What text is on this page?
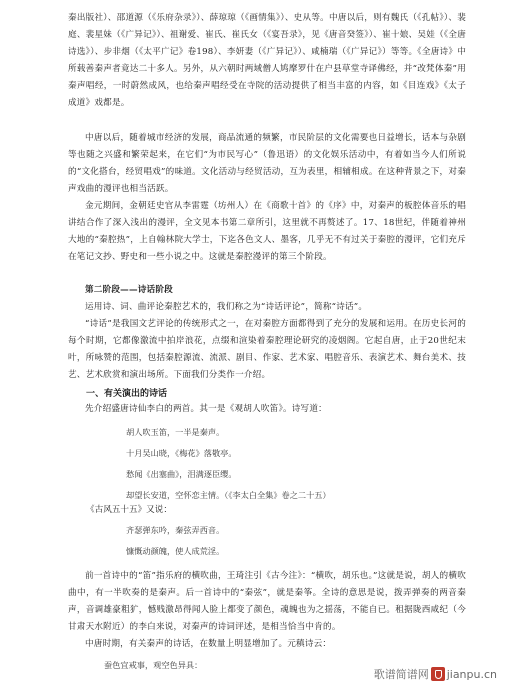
秦出版社）、邵道源（《乐府杂录》）、薛琼琼（《画情集》）、史从等。中唐以后，则有魏氏（《孔帖》）、裴庭、裴星妹（《广异记》）、祖谢爱、崔氏、崔氏女（《宴吾录》，见《唐音癸签》）、崔十娘、吴娃（《全唐诗选》）、步非烟（《太平广记》卷198）、李妍妻（《广异记》）、咸楠瑞（《广异记》）等等。《全唐诗》中所载善秦声者竟达二十多人。另外，从六朝时两域僧人鸠摩罗什在户县草堂寺译佛经，并“改梵体秦”用秦声唱经，一时蔚然成风，也给秦声唱经受在寺院的活动提供了相当丰富的内容，如《目连戏》《太子成道》戏都是。
中唐以后，随着城市经济的发展，商品流通的频繁，市民阶层的文化需要也日益增长，话本与杂剧等也随之兴盛和繁荣起来，在它们“为市民写心”（鲁迅语）的文化娱乐活动中，有着如当今人们所说的“文化搭台，经贸唱戏”的味道。文化活动与经贸活动，互为表里，相辅相成。在这种背景之下，对秦声戏曲的漫评也相当活跃。
金元期间，金朝廷史官从李雷霆（坊州人）在《商歌十首》的《序》中，对秦声的板腔体音乐的唱讲结合作了深入浅出的漫评，全文见本书第二章所引，这里就不再赘述了。17、18世纪，伴随着神州大地的“秦腔热”，上自翰林院大学士，下迄各色文人、墨客，几乎无不有过关于秦腔的漫评，它们充斥在笔记文抄、野史和一些小说之中。这就是秦腔漫评的第三个阶段。
第二阶段——诗话阶段
运用诗、词、曲评论秦腔艺术的，我们称之为“诗话评论”，简称“诗话”。
“诗话”是我国文艺评论的传统形式之一，在对秦腔方面都得到了充分的发展和运用。在历史长河的每个时期，它都像激流中拍岸浪花，点缀和渲染着秦腔理论研究的凌烟阁。它起自唐，止于20世纪末叶，所咏赞的范围，包括秦腔源流、流派、剧目、作家、艺术家、唱腔音乐、表演艺术、舞台美术、技艺、艺术欣赏和演出场所。下面我们分类作一介绍。
一、有关演出的诗话
先介绍盛唐诗仙李白的两首。其一是《观胡人吹笛》。诗写道：
胡人吹玉笛，一半是秦声。
十月吴山晓，《梅花》落敬亭。
愁闻《出塞曲》，泪满逐臣缨。
却望长安道，空怀恋主情。（《李太白全集》卷之二十五）
《古风五十五》又说：
齐瑟弹东吟，秦弦弄西音。
慷慨动颜魄，使人成荒淫。
前一首诗中的“笛”指乐府的横吹曲，王琦注引《古今注》：“横吹，胡乐也。”这就是说，胡人的横吹曲中，有一半吹奏的是秦声。后一首诗中的“秦弦”，就是秦筝。全诗的意思是说，拨弄弹奏的两音秦声，音调雄豪粗犷，憾贱激昂得闻人脸上都变了颜色，魂魄也为之揺荡，不能自已。租据陇西咸纪（今甘肃天水附近）的李白来说，对秦声的诗词评述，是相当恰当中肯的。
中唐时期，有关秦声的诗话，在数量上明显增加了。元稹诗云：
蚕色宜戒事，观空色异具：
歌谱简谱网 jianpu.cn
